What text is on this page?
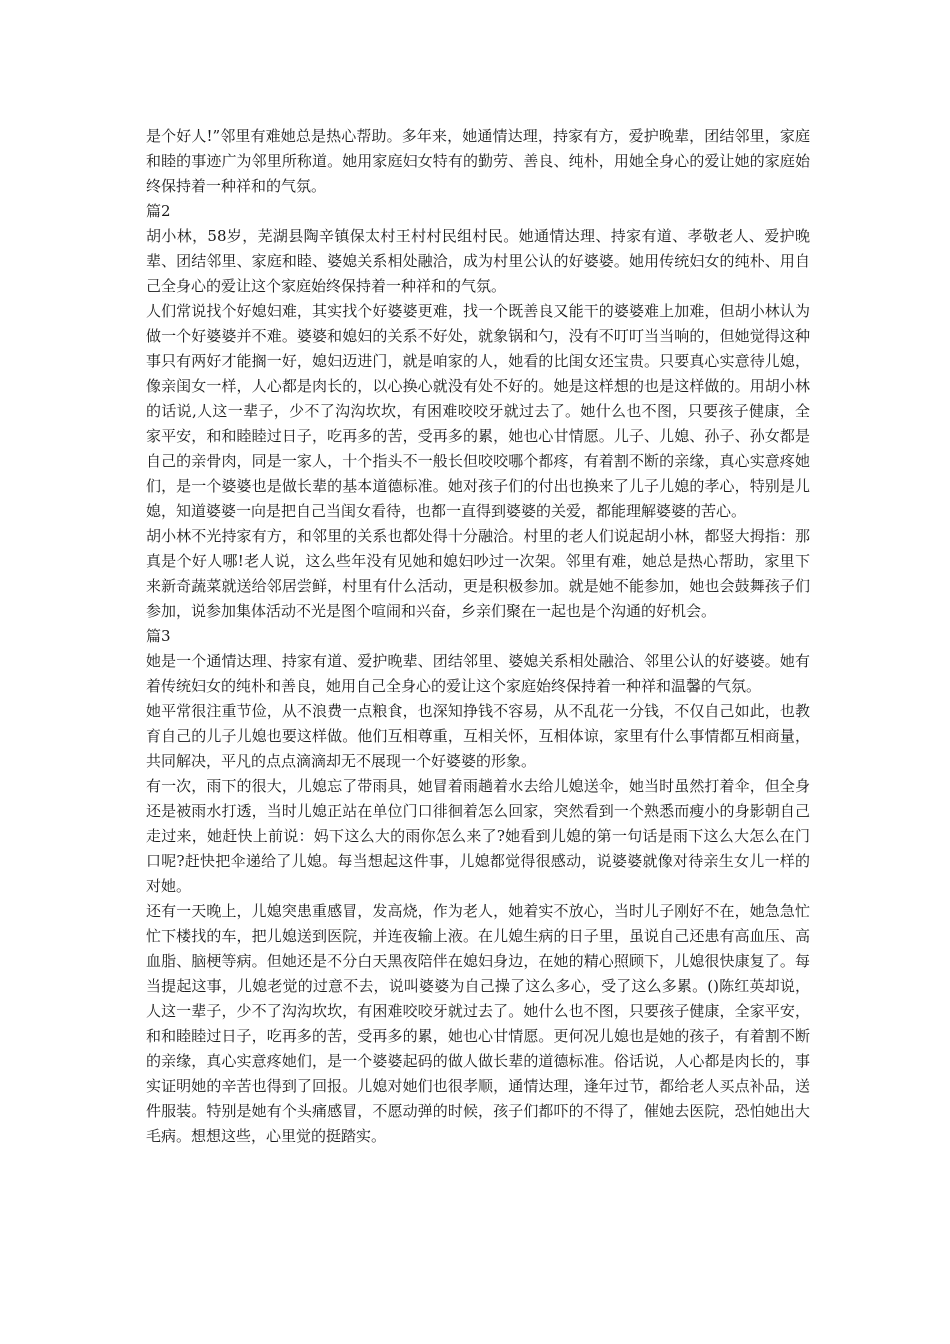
是个好人!”邻里有难她总是热心帮助。多年来，她通情达理，持家有方，爱护晚辈，团结邻里，家庭和睦的事迹广为邻里所称道。她用家庭妇女特有的勤劳、善良、纯朴，用她全身心的爱让她的家庭始终保持着一种祥和的气氛。

篇2

胡小林，58岁，芜湖县陶辛镇保太村王村村民组村民。她通情达理、持家有道、孝敬老人、爱护晚辈、团结邻里、家庭和睦、婆媳关系相处融洽，成为村里公认的好婆婆。她用传统妇女的纯朴、用自己全身心的爱让这个家庭始终保持着一种祥和的气氛。

人们常说找个好媳妇难，其实找个好婆婆更难，找一个既善良又能干的婆婆难上加难，但胡小林认为做一个好婆婆并不难。婆婆和媳妇的关系不好处，就象锅和勺，没有不叮叮当当响的，但她觉得这种事只有两好才能搁一好，媳妇迈进门，就是咱家的人，她看的比闺女还宝贵。只要真心实意待儿媳，像亲闺女一样，人心都是肉长的，以心换心就没有处不好的。她是这样想的也是这样做的。用胡小林的话说,人这一辈子，少不了沟沟坎坎，有困难咬咬牙就过去了。她什么也不图，只要孩子健康，全家平安，和和睦睦过日子，吃再多的苦，受再多的累，她也心甘情愿。儿子、儿媳、孙子、孙女都是自己的亲骨肉，同是一家人，十个指头不一般长但咬咬哪个都疼，有着割不断的亲缘，真心实意疼她们，是一个婆婆也是做长辈的基本道德标准。她对孩子们的付出也换来了儿子儿媳的孝心，特别是儿媳，知道婆婆一向是把自己当闺女看待，也都一直得到婆婆的关爱，都能理解婆婆的苦心。

胡小林不光持家有方，和邻里的关系也都处得十分融洽。村里的老人们说起胡小林，都竖大拇指：那真是个好人哪!老人说，这么些年没有见她和媳妇吵过一次架。邻里有难，她总是热心帮助，家里下来新奇蔬菜就送给邻居尝鲜，村里有什么活动，更是积极参加。就是她不能参加，她也会鼓舞孩子们参加，说参加集体活动不光是图个喧闹和兴奋，乡亲们聚在一起也是个沟通的好机会。

篇3

她是一个通情达理、持家有道、爱护晚辈、团结邻里、婆媳关系相处融洽、邻里公认的好婆婆。她有着传统妇女的纯朴和善良，她用自己全身心的爱让这个家庭始终保持着一种祥和温馨的气氛。

她平常很注重节俭，从不浪费一点粮食，也深知挣钱不容易，从不乱花一分钱，不仅自己如此，也教育自己的儿子儿媳也要这样做。他们互相尊重，互相关怀，互相体谅，家里有什么事情都互相商量，共同解决，平凡的点点滴滴却无不展现一个好婆婆的形象。

有一次，雨下的很大，儿媳忘了带雨具，她冒着雨趟着水去给儿媳送伞，她当时虽然打着伞，但全身还是被雨水打透，当时儿媳正站在单位门口徘徊着怎么回家，突然看到一个熟悉而瘦小的身影朝自己走过来，她赶快上前说：妈下这么大的雨你怎么来了?她看到儿媳的第一句话是雨下这么大怎么在门口呢?赶快把伞递给了儿媳。每当想起这件事，儿媳都觉得很感动，说婆婆就像对待亲生女儿一样的对她。

还有一天晚上，儿媳突患重感冒，发高烧，作为老人，她着实不放心，当时儿子刚好不在，她急急忙忙下楼找的车，把儿媳送到医院，并连夜输上液。在儿媳生病的日子里，虽说自己还患有高血压、高血脂、脑梗等病。但她还是不分白天黑夜陪伴在媳妇身边，在她的精心照顾下，儿媳很快康复了。每当提起这事，儿媳老觉的过意不去，说叫婆婆为自己操了这么多心，受了这么多累。()陈红英却说，人这一辈子，少不了沟沟坎坎，有困难咬咬牙就过去了。她什么也不图，只要孩子健康，全家平安，和和睦睦过日子，吃再多的苦，受再多的累，她也心甘情愿。更何况儿媳也是她的孩子，有着割不断的亲缘，真心实意疼她们，是一个婆婆起码的做人做长辈的道德标准。俗话说，人心都是肉长的，事实证明她的辛苦也得到了回报。儿媳对她们也很孝顺，通情达理，逢年过节，都给老人买点补品，送件服装。特别是她有个头痛感冒，不愿动弹的时候，孩子们都吓的不得了，催她去医院，恐怕她出大毛病。想想这些，心里觉的挺踏实。
